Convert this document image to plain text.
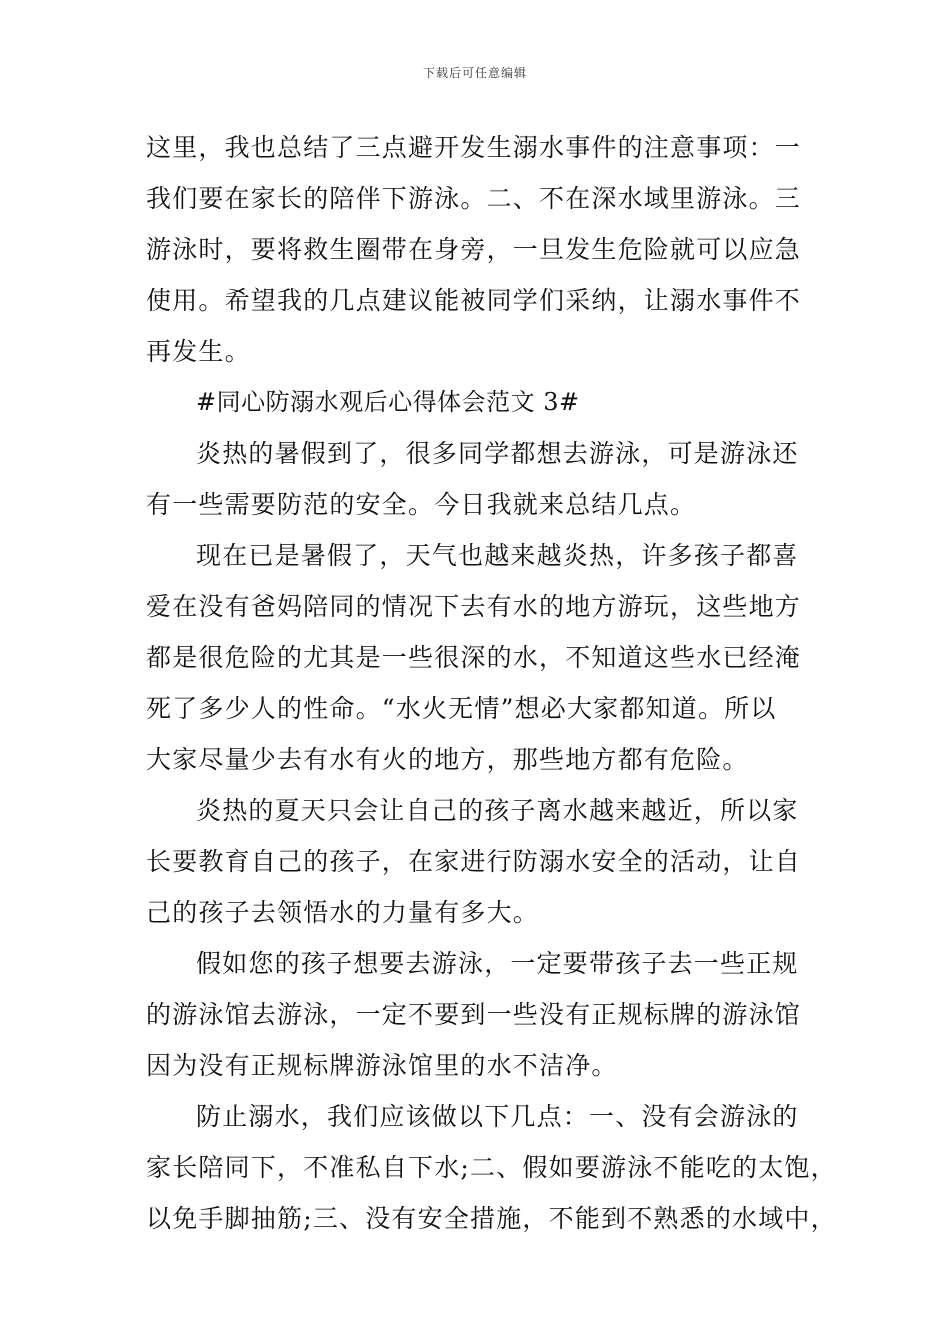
下载后可任意编辑
这里，我也总结了三点避开发生溺水事件的注意事项：一
我们要在家长的陪伴下游泳。二、不在深水域里游泳。三
游泳时，要将救生圈带在身旁，一旦发生危险就可以应急
使用。希望我的几点建议能被同学们采纳，让溺水事件不
再发生。
#同心防溺水观后心得体会范文 3#
炎热的暑假到了，很多同学都想去游泳，可是游泳还
有一些需要防范的安全。今日我就来总结几点。
现在已是暑假了，天气也越来越炎热，许多孩子都喜
爱在没有爸妈陪同的情况下去有水的地方游玩，这些地方
都是很危险的尤其是一些很深的水，不知道这些水已经淹
死了多少人的性命。“水火无情”想必大家都知道。所以
大家尽量少去有水有火的地方，那些地方都有危险。
炎热的夏天只会让自己的孩子离水越来越近，所以家
长要教育自己的孩子，在家进行防溺水安全的活动，让自
己的孩子去领悟水的力量有多大。
假如您的孩子想要去游泳，一定要带孩子去一些正规
的游泳馆去游泳，一定不要到一些没有正规标牌的游泳馆
因为没有正规标牌游泳馆里的水不洁净。
防止溺水，我们应该做以下几点：一、没有会游泳的
家长陪同下，不准私自下水;二、假如要游泳不能吃的太饱，
以免手脚抽筋;三、没有安全措施，不能到不熟悉的水域中，
